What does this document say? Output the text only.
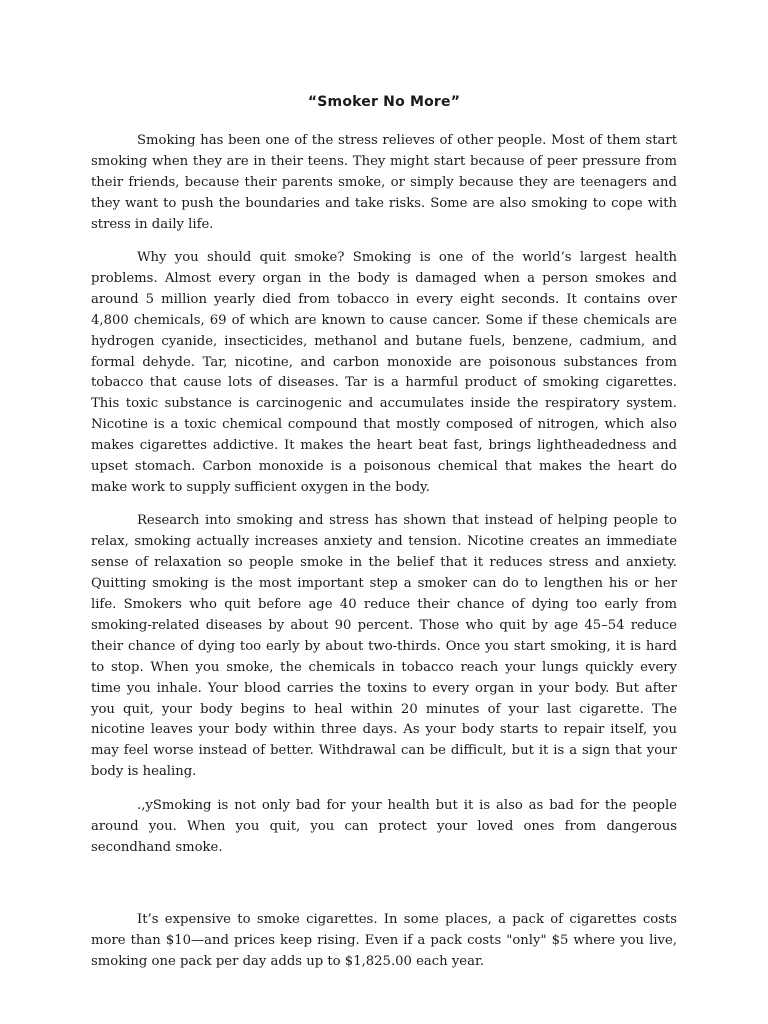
“Smoker No More”

Smoking has been one of the stress relieves of other people. Most of them start smoking when they are in their teens. They might start because of peer pressure from their friends, because their parents smoke, or simply because they are teenagers and they want to push the boundaries and take risks. Some are also smoking to cope with stress in daily life.

Why you should quit smoke? Smoking is one of the world’s largest health problems. Almost every organ in the body is damaged when a person smokes and around 5 million yearly died from tobacco in every eight seconds. It contains over 4,800 chemicals, 69 of which are known to cause cancer. Some if these chemicals are hydrogen cyanide, insecticides, methanol and butane fuels, benzene, cadmium, and formal dehyde. Tar, nicotine, and carbon monoxide are poisonous substances from tobacco that cause lots of diseases. Tar is a harmful product of smoking cigarettes. This toxic substance is carcinogenic and accumulates inside the respiratory system. Nicotine is a toxic chemical compound that mostly composed of nitrogen, which also makes cigarettes addictive. It makes the heart beat fast, brings lightheadedness and upset stomach. Carbon monoxide is a poisonous chemical that makes the heart do make work to supply sufficient oxygen in the body.

Research into smoking and stress has shown that instead of helping people to relax, smoking actually increases anxiety and tension. Nicotine creates an immediate sense of relaxation so people smoke in the belief that it reduces stress and anxiety. Quitting smoking is the most important step a smoker can do to lengthen his or her life. Smokers who quit before age 40 reduce their chance of dying too early from smoking-related diseases by about 90 percent. Those who quit by age 45–54 reduce their chance of dying too early by about two-thirds. Once you start smoking, it is hard to stop. When you smoke, the chemicals in tobacco reach your lungs quickly every time you inhale. Your blood carries the toxins to every organ in your body. But after you quit, your body begins to heal within 20 minutes of your last cigarette. The nicotine leaves your body within three days. As your body starts to repair itself, you may feel worse instead of better. Withdrawal can be difficult, but it is a sign that your body is healing.

.,ySmoking is not only bad for your health but it is also as bad for the people around you. When you quit, you can protect your loved ones from dangerous secondhand smoke.

It’s expensive to smoke cigarettes. In some places, a pack of cigarettes costs more than $10—and prices keep rising. Even if a pack costs "only" $5 where you live, smoking one pack per day adds up to $1,825.00 each year.
